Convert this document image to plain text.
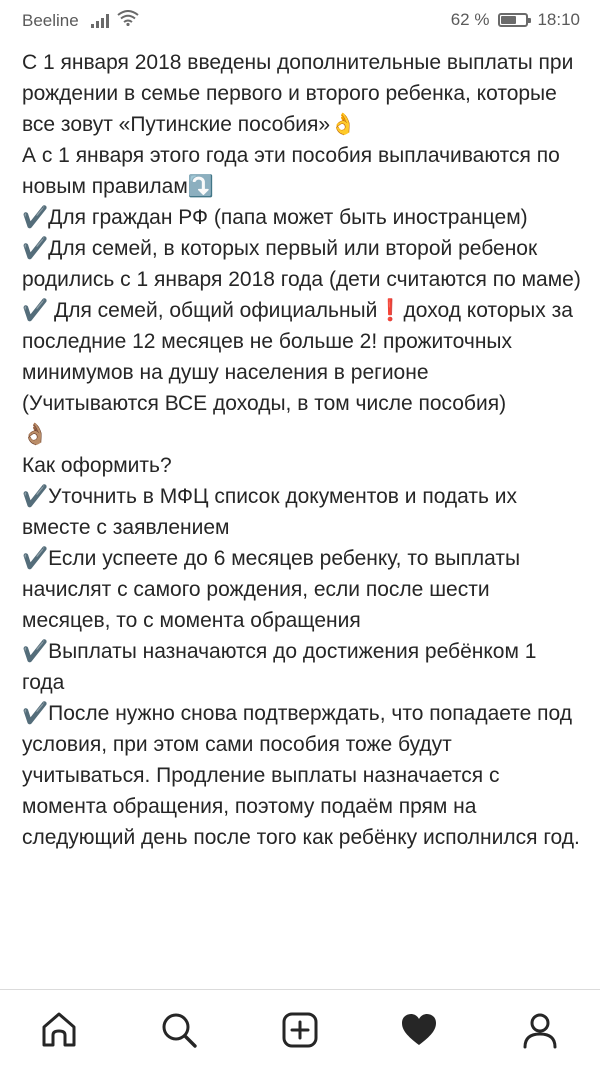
Beeline	62 %	18:10

С 1 января 2018 введены дополнительные выплаты при рождении в семье первого и второго ребенка, которые все зовут «Путинские пособия»👌

А с 1 января этого года эти пособия выплачиваются по новым правилам⤵️

✔️Для граждан РФ (папа может быть иностранцем)

✔️Для семей, в которых первый или второй ребенок родились с 1 января 2018 года (дети считаются по маме)

✔️ Для семей, общий официальный❗️доход которых за последние 12 месяцев не больше 2! прожиточных минимумов на душу населения в регионе

(Учитываются ВСЕ доходы, в том числе пособия)

👌🏽

Как оформить?

✔️Уточнить в МФЦ список документов и подать их вместе с заявлением

✔️Если успеете до 6 месяцев ребенку, то выплаты начислят с самого рождения, если после шести месяцев, то с момента обращения

✔️Выплаты назначаются до достижения ребёнком 1 года

✔️После нужно снова подтверждать, что попадаете под условия, при этом сами пособия тоже будут учитываться. Продление выплаты назначается с момента обращения, поэтому подаём прям на следующий день после того как ребёнку исполнился год.
